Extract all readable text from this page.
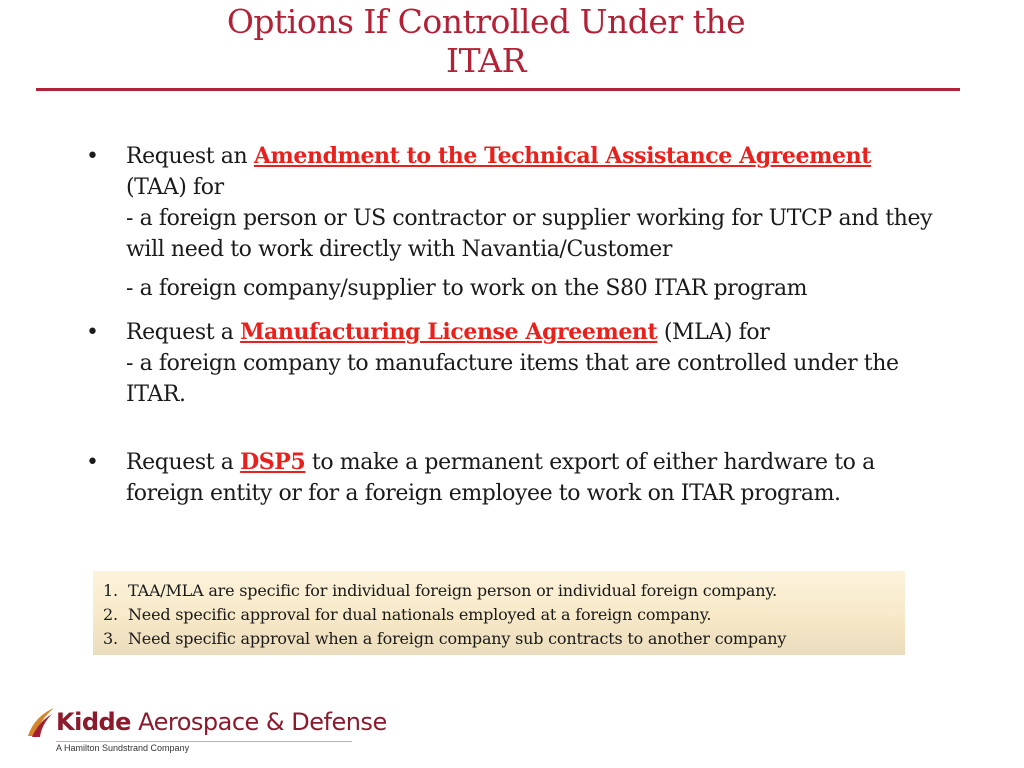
Options If Controlled Under the
ITAR
• Request an Amendment to the Technical Assistance Agreement
(TAA) for
- a foreign person or US contractor or supplier working for UTCP and they will need to work directly with Navantia/Customer
- a foreign company/supplier to work on the S80 ITAR program
• Request a Manufacturing License Agreement (MLA) for
- a foreign company to manufacture items that are controlled under the ITAR.
• Request a DSP5 to make a permanent export of either hardware to a foreign entity or for a foreign employee to work on ITAR program.
1. TAA/MLA are specific for individual foreign person or individual foreign company.
2. Need specific approval for dual nationals employed at a foreign company.
3. Need specific approval when a foreign company sub contracts to another company
Kidde Aerospace & Defense
A Hamilton Sundstrand Company
